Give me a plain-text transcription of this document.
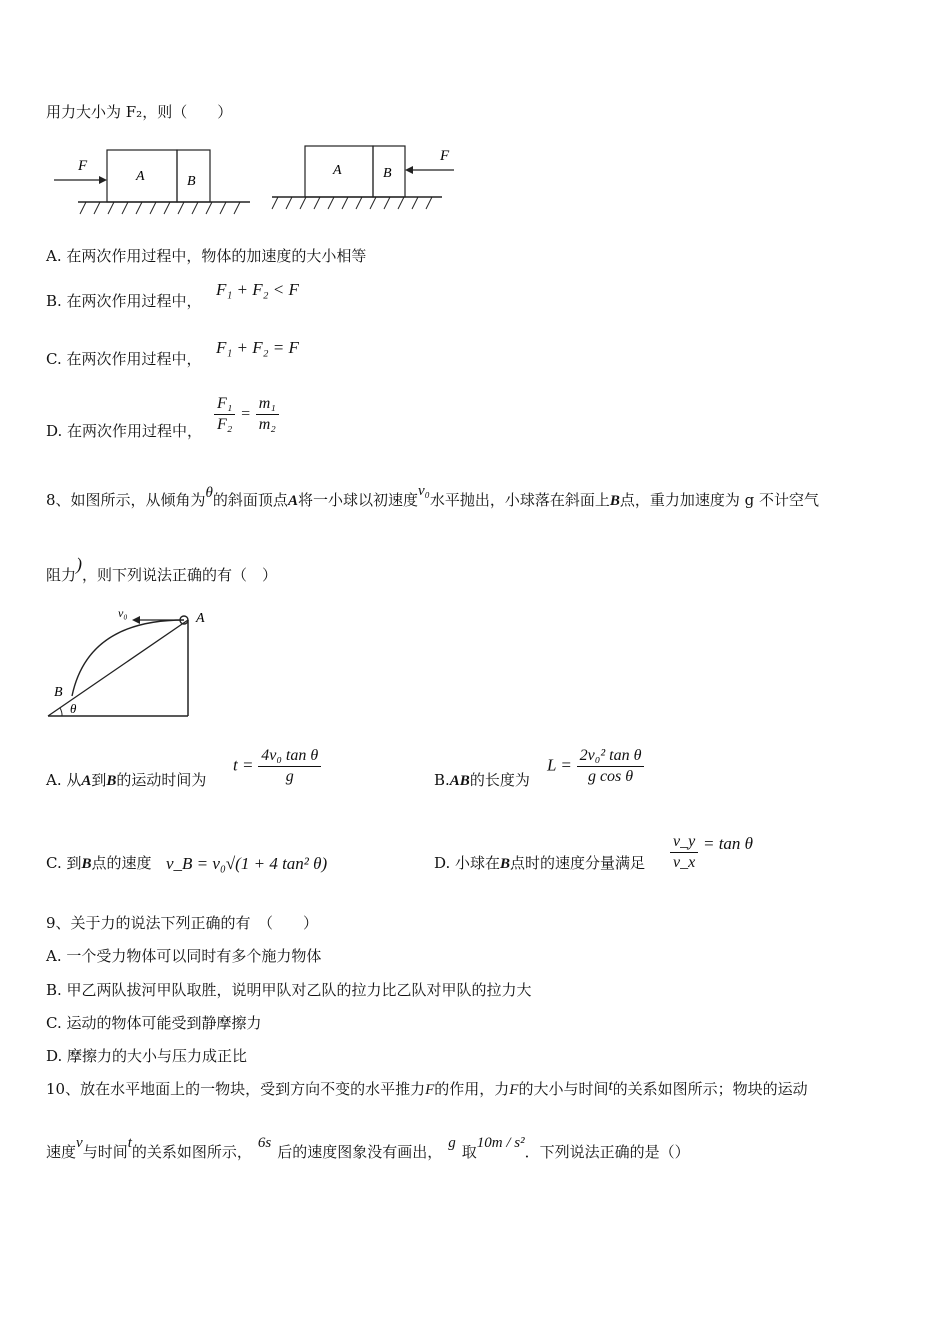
用力大小为 F₂，则（　　）
F
A	B
F
A	B
A. 在两次作用过程中，物体的加速度的大小相等
B. 在两次作用过程中，
F₁ + F₂ < F
C. 在两次作用过程中，
F₁ + F₂ = F
D. 在两次作用过程中， $\frac{\text{F₁}}{\text{F₂}} = \frac{\text{m₁}}{\text{m₂}}$
8、如图所示，从倾角为θ的斜面顶点A将一小球以初速度v₀水平抛出，小球落在斜面上B点，重力加速度为 g 不计空气
阻力)，则下列说法正确的有（　）
v₀	A
B
θ
A. 从A到B的运动时间为
$t = \frac{\text{4v₀ tan θ}}{g}$	B.AB的长度为
$L = \frac{\text{2v₀² tan θ}}{\text{g cos θ}}$
C. 到B点的速度 v_B = v₀√(1 + 4 tan² θ)	D. 小球在B点时的速度分量满足 $\frac{v\_y}{v\_x} = \tan \theta$
9、关于力的说法下列正确的有　（　　）
A. 一个受力物体可以同时有多个施力物体
B. 甲乙两队拔河甲队取胜，说明甲队对乙队的拉力比乙队对甲队的拉力大
C. 运动的物体可能受到静摩擦力
D. 摩擦力的大小与压力成正比
10、放在水平地面上的一物块，受到方向不变的水平推力F的作用，力F的大小与时间t的关系如图所示；物块的运动
速度v与时间t的关系如图所示， 6s 后的速度图象没有画出， g 取10m / s²．下列说法正确的是（）
